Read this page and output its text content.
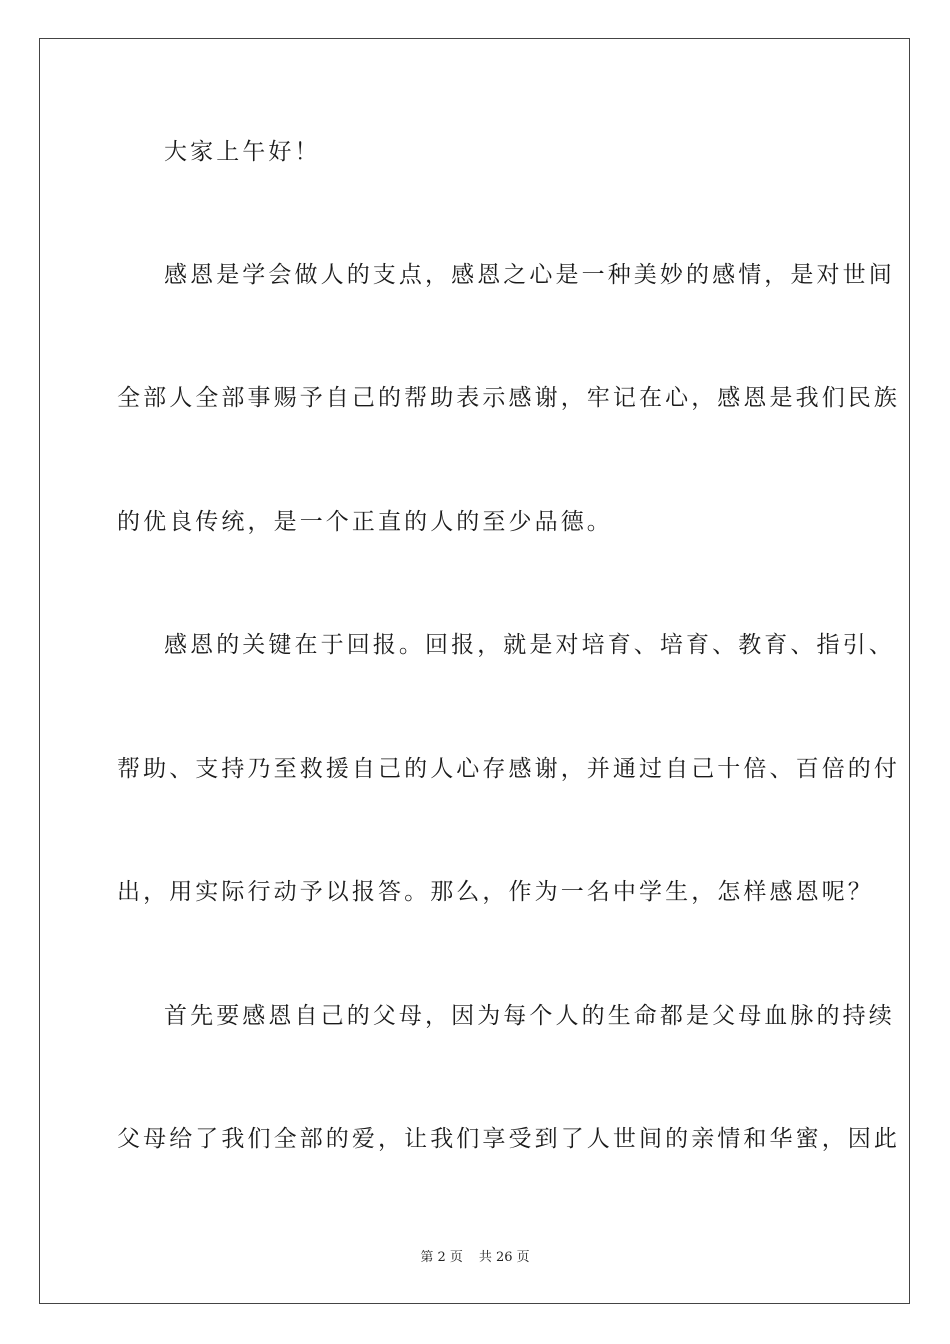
大家上午好！
感恩是学会做人的支点，感恩之心是一种美妙的感情，是对世间
全部人全部事赐予自己的帮助表示感谢，牢记在心，感恩是我们民族
的优良传统，是一个正直的人的至少品德。
感恩的关键在于回报。回报，就是对培育、培育、教育、指引、
帮助、支持乃至救援自己的人心存感谢，并通过自己十倍、百倍的付
出，用实际行动予以报答。那么，作为一名中学生，怎样感恩呢？
首先要感恩自己的父母，因为每个人的生命都是父母血脉的持续
父母给了我们全部的爱，让我们享受到了人世间的亲情和华蜜，因此
第 2 页 共 26 页
